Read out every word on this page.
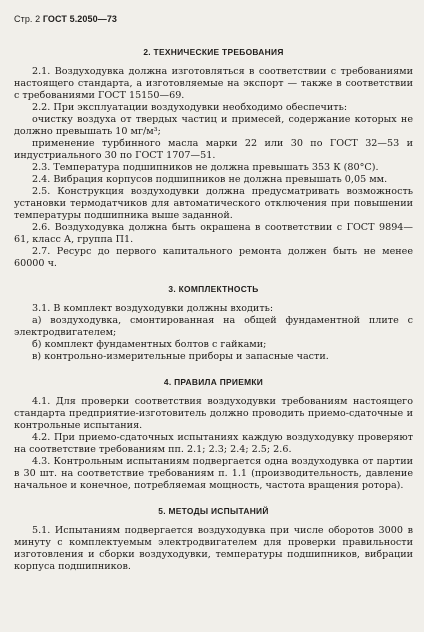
Стр. 2 ГОСТ 5.2050—73
2. ТЕХНИЧЕСКИЕ ТРЕБОВАНИЯ

2.1. Воздуходувка должна изготовляться в соответствии с требованиями настоящего стандарта, а изготовляемые на экспорт — также в соответствии с требованиями ГОСТ 15150—69.

2.2. При эксплуатации воздуходувки необходимо обеспечить:

очистку воздуха от твердых частиц и примесей, содержание которых не должно превышать 10 мг/м³;

применение турбинного масла марки 22 или 30 по ГОСТ 32—53 и индустриального 30 по ГОСТ 1707—51.

2.3. Температура подшипников не должна превышать 353 К (80°С).

2.4. Вибрация корпусов подшипников не должна превышать 0,05 мм.

2.5. Конструкция воздуходувки должна предусматривать возможность установки термодатчиков для автоматического отключения при повышении температуры подшипника выше заданной.

2.6. Воздуходувка должна быть окрашена в соответствии с ГОСТ 9894—61, класс А, группа П1.

2.7. Ресурс до первого капитального ремонта должен быть не менее 60000 ч.

3. КОМПЛЕКТНОСТЬ

3.1. В комплект воздуходувки должны входить:

а) воздуходувка, смонтированная на общей фундаментной плите с электродвигателем;

б) комплект фундаментных болтов с гайками;

в) контрольно-измерительные приборы и запасные части.

4. ПРАВИЛА ПРИЕМКИ

4.1. Для проверки соответствия воздуходувки требованиям настоящего стандарта предприятие-изготовитель должно проводить приемо-сдаточные и контрольные испытания.

4.2. При приемо-сдаточных испытаниях каждую воздуходувку проверяют на соответствие требованиям пп. 2.1; 2.3; 2.4; 2.5; 2.6.

4.3. Контрольным испытаниям подвергается одна воздуходувка от партии в 30 шт. на соответствие требованиям п. 1.1 (производительность, давление начальное и конечное, потребляемая мощность, частота вращения ротора).

5. МЕТОДЫ ИСПЫТАНИЙ

5.1. Испытаниям подвергается воздуходувка при числе оборотов 3000 в минуту с комплектуемым электродвигателем для проверки правильности изготовления и сборки воздуходувки, температуры подшипников, вибрации корпуса подшипников.
